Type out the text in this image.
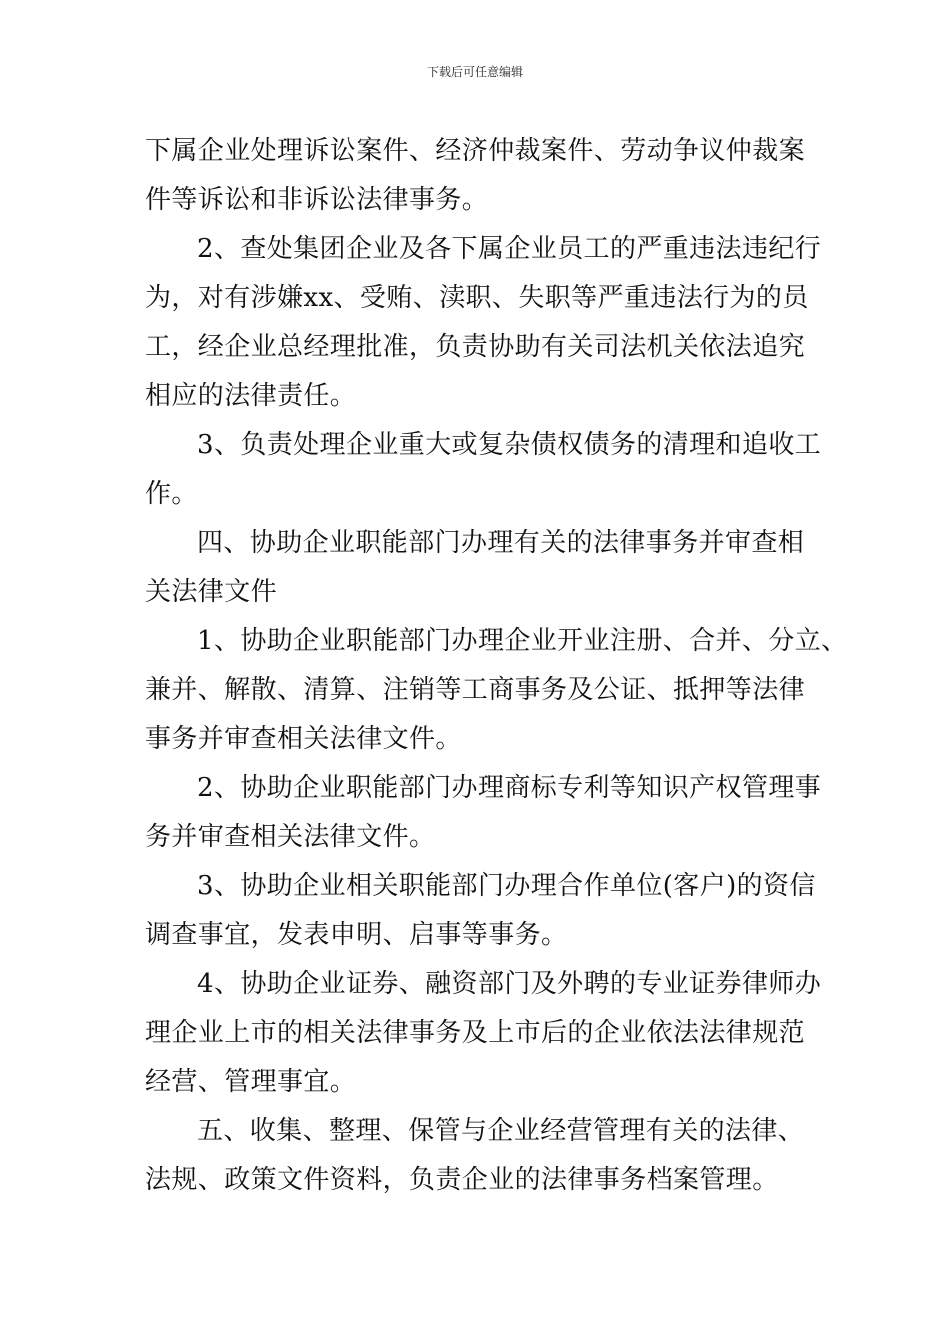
下载后可任意编辑
下属企业处理诉讼案件、经济仲裁案件、劳动争议仲裁案
件等诉讼和非诉讼法律事务。
2、查处集团企业及各下属企业员工的严重违法违纪行
为，对有涉嫌xx、受贿、渎职、失职等严重违法行为的员
工，经企业总经理批准，负责协助有关司法机关依法追究
相应的法律责任。
3、负责处理企业重大或复杂债权债务的清理和追收工
作。
四、协助企业职能部门办理有关的法律事务并审查相
关法律文件
1、协助企业职能部门办理企业开业注册、合并、分立、
兼并、解散、清算、注销等工商事务及公证、抵押等法律
事务并审查相关法律文件。
2、协助企业职能部门办理商标专利等知识产权管理事
务并审查相关法律文件。
3、协助企业相关职能部门办理合作单位(客户)的资信
调查事宜，发表申明、启事等事务。
4、协助企业证券、融资部门及外聘的专业证券律师办
理企业上市的相关法律事务及上市后的企业依法法律规范
经营、管理事宜。
五、收集、整理、保管与企业经营管理有关的法律、
法规、政策文件资料，负责企业的法律事务档案管理。
